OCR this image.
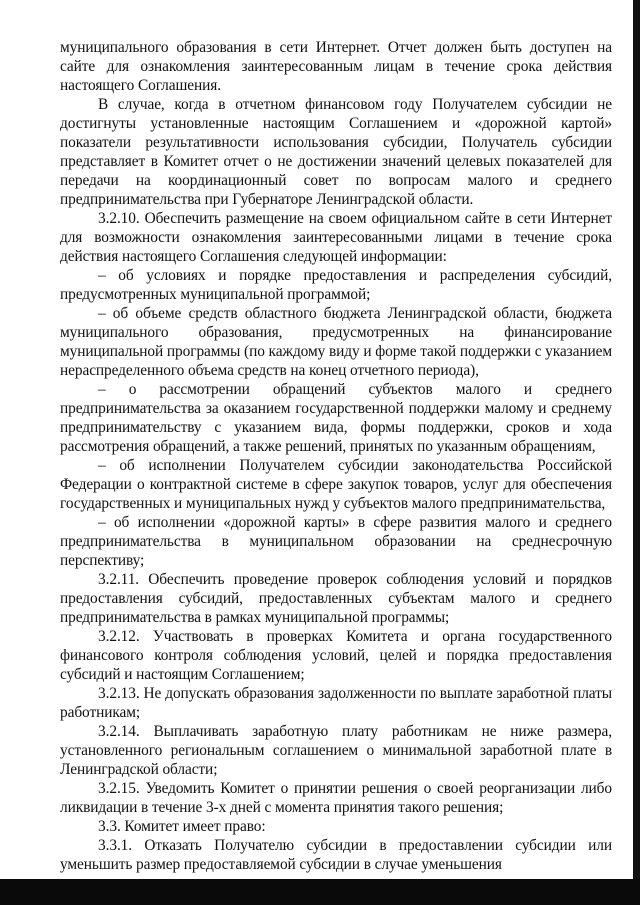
муниципального образования в сети Интернет. Отчет должен быть доступен на сайте для ознакомления заинтересованным лицам в течение срока действия настоящего Соглашения.

В случае, когда в отчетном финансовом году Получателем субсидии не достигнуты установленные настоящим Соглашением и «дорожной картой» показатели результативности использования субсидии, Получатель субсидии представляет в Комитет отчет о не достижении значений целевых показателей для передачи на координационный совет по вопросам малого и среднего предпринимательства при Губернаторе Ленинградской области.

3.2.10. Обеспечить размещение на своем официальном сайте в сети Интернет для возможности ознакомления заинтересованными лицами в течение срока действия настоящего Соглашения следующей информации:

– об условиях и порядке предоставления и распределения субсидий, предусмотренных муниципальной программой;

– об объеме средств областного бюджета Ленинградской области, бюджета муниципального образования, предусмотренных на финансирование муниципальной программы (по каждому виду и форме такой поддержки с указанием нераспределенного объема средств на конец отчетного периода),

– о рассмотрении обращений субъектов малого и среднего предпринимательства за оказанием государственной поддержки малому и среднему предпринимательству с указанием вида, формы поддержки, сроков и хода рассмотрения обращений, а также решений, принятых по указанным обращениям,

– об исполнении Получателем субсидии законодательства Российской Федерации о контрактной системе в сфере закупок товаров, услуг для обеспечения государственных и муниципальных нужд у субъектов малого предпринимательства,

– об исполнении «дорожной карты» в сфере развития малого и среднего предпринимательства в муниципальном образовании на среднесрочную перспективу;

3.2.11. Обеспечить проведение проверок соблюдения условий и порядков предоставления субсидий, предоставленных субъектам малого и среднего предпринимательства в рамках муниципальной программы;

3.2.12. Участвовать в проверках Комитета и органа государственного финансового контроля соблюдения условий, целей и порядка предоставления субсидий и настоящим Соглашением;

3.2.13. Не допускать образования задолженности по выплате заработной платы работникам;

3.2.14. Выплачивать заработную плату работникам не ниже размера, установленного региональным соглашением о минимальной заработной плате в Ленинградской области;

3.2.15. Уведомить Комитет о принятии решения о своей реорганизации либо ликвидации в течение 3-х дней с момента принятия такого решения;

3.3. Комитет имеет право:

3.3.1. Отказать Получателю субсидии в предоставлении субсидии или уменьшить размер предоставляемой субсидии в случае уменьшения
